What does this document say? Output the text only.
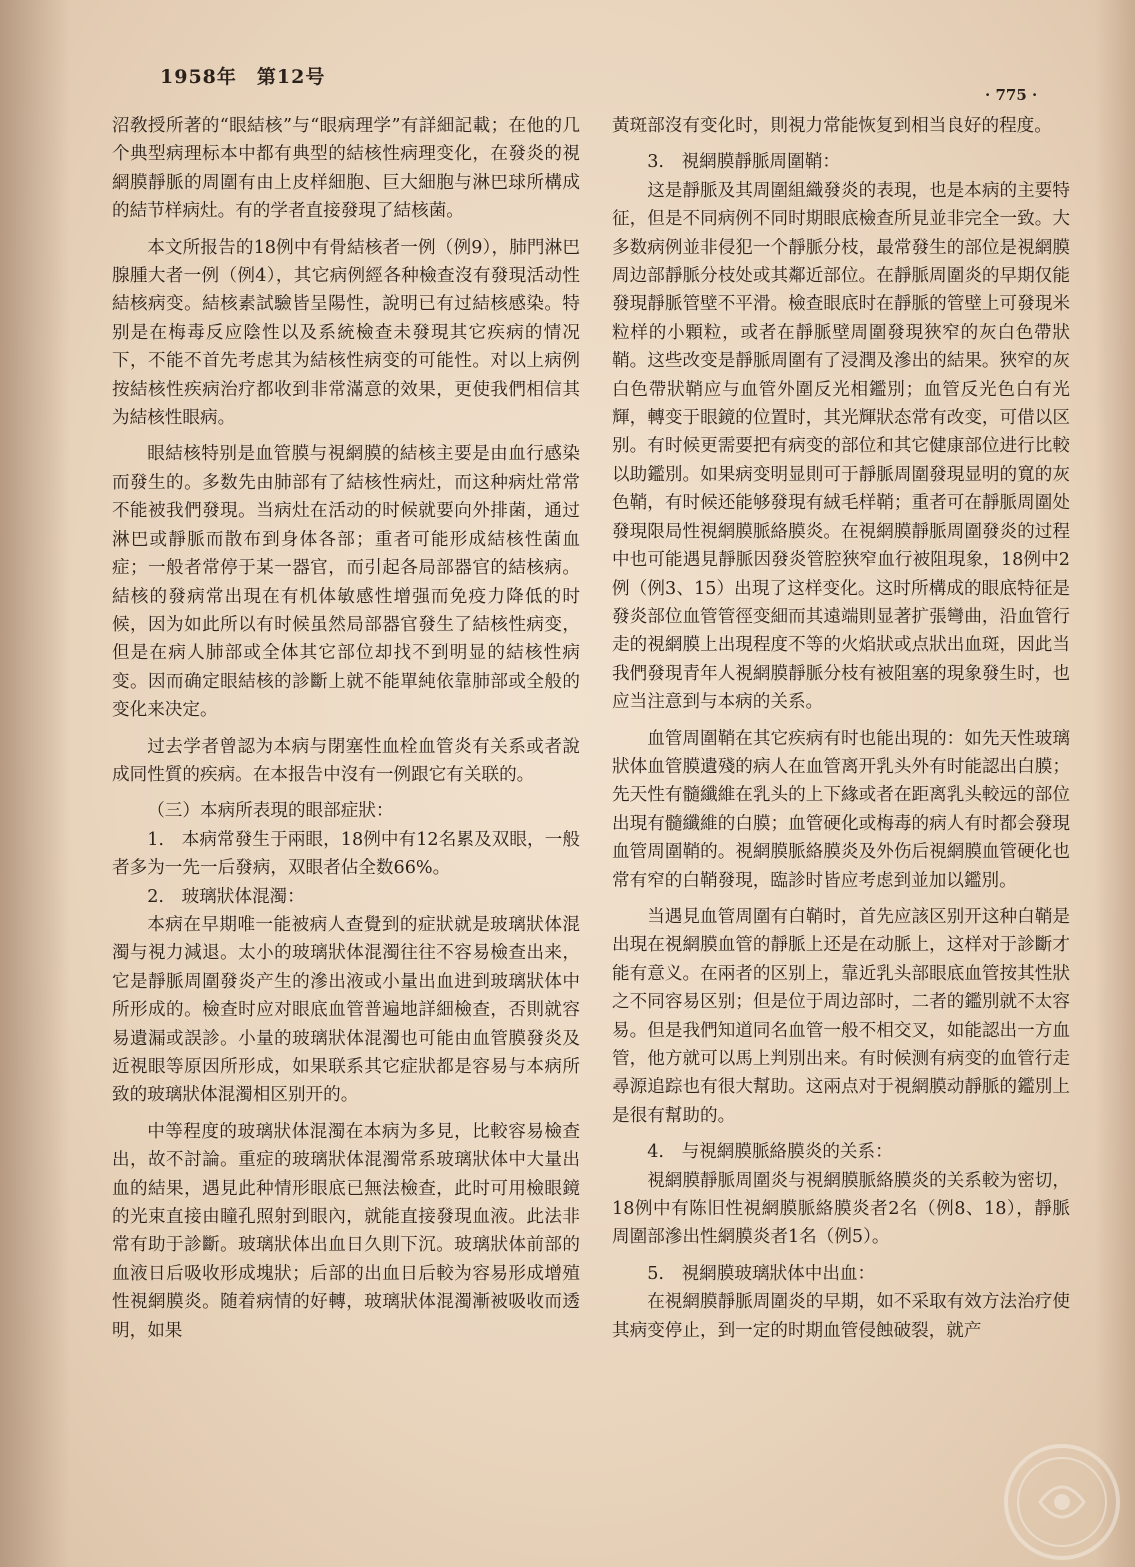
1958年　第12号
· 775 ·

沼敎授所著的“眼結核”与“眼病理学”有詳細記載；在他的几个典型病理标本中都有典型的結核性病理变化，在發炎的視網膜靜脈的周圍有由上皮样細胞、巨大細胞与淋巴球所構成的結节样病灶。有的学者直接發現了結核菌。

本文所报告的18例中有骨結核者一例（例9），肺門淋巴腺腫大者一例（例4），其它病例經各种檢查沒有發現活动性結核病变。結核素試驗皆呈陽性，說明已有过結核感染。特别是在梅毒反应陰性以及系統檢查未發現其它疾病的情况下，不能不首先考虑其为結核性病变的可能性。对以上病例按結核性疾病治疗都收到非常滿意的效果，更使我們相信其为結核性眼病。

眼結核特别是血管膜与視網膜的結核主要是由血行感染而發生的。多数先由肺部有了結核性病灶，而这种病灶常常不能被我們發現。当病灶在活动的时候就要向外排菌，通过淋巴或靜脈而散布到身体各部；重者可能形成結核性菌血症；一般者常停于某一器官，而引起各局部器官的結核病。結核的發病常出現在有机体敏感性增强而免疫力降低的时候，因为如此所以有时候虽然局部器官發生了結核性病变，但是在病人肺部或全体其它部位却找不到明显的結核性病变。因而确定眼結核的診斷上就不能單純依靠肺部或全般的变化来决定。

过去学者曾認为本病与閉塞性血栓血管炎有关系或者說成同性質的疾病。在本报告中沒有一例跟它有关联的。

（三）本病所表現的眼部症狀：

1.　本病常發生于兩眼，18例中有12名累及双眼，一般者多为一先一后發病，双眼者佔全数66%。

2.　玻璃狀体混濁：

本病在早期唯一能被病人查覺到的症狀就是玻璃狀体混濁与視力減退。太小的玻璃狀体混濁往往不容易檢查出来，它是靜脈周圍發炎产生的滲出液或小量出血进到玻璃狀体中所形成的。檢查时应对眼底血管普遍地詳細檢查，否則就容易遺漏或誤診。小量的玻璃狀体混濁也可能由血管膜發炎及近視眼等原因所形成，如果联系其它症狀都是容易与本病所致的玻璃狀体混濁相区别开的。

中等程度的玻璃狀体混濁在本病为多見，比較容易檢查出，故不討論。重症的玻璃狀体混濁常系玻璃狀体中大量出血的結果，遇見此种情形眼底已無法檢查，此时可用檢眼鏡的光束直接由瞳孔照射到眼內，就能直接發現血液。此法非常有助于診斷。玻璃狀体出血日久則下沉。玻璃狀体前部的血液日后吸收形成塊狀；后部的出血日后較为容易形成增殖性視網膜炎。随着病情的好轉，玻璃狀体混濁漸被吸收而透明，如果

黃斑部沒有变化时，則視力常能恢复到相当良好的程度。

3.　視網膜靜脈周圍鞘：

这是靜脈及其周圍組織發炎的表現，也是本病的主要特征，但是不同病例不同时期眼底檢查所見並非完全一致。大多数病例並非侵犯一个靜脈分枝，最常發生的部位是視網膜周边部靜脈分枝处或其鄰近部位。在靜脈周圍炎的早期仅能發現靜脈管壁不平滑。檢查眼底时在靜脈的管壁上可發現米粒样的小顆粒，或者在靜脈壁周圍發現狹窄的灰白色帶狀鞘。这些改变是靜脈周圍有了浸潤及滲出的結果。狹窄的灰白色帶狀鞘应与血管外圍反光相鑑別；血管反光色白有光輝，轉变于眼鏡的位置时，其光輝狀态常有改变，可借以区别。有时候更需要把有病变的部位和其它健康部位进行比較以助鑑別。如果病变明显則可于靜脈周圍發現显明的寬的灰色鞘，有时候还能够發現有絨毛样鞘；重者可在靜脈周圍处發現限局性視網膜脈絡膜炎。在視網膜靜脈周圍發炎的过程中也可能遇見靜脈因發炎管腔狹窄血行被阻現象，18例中2例（例3、15）出現了这样变化。这时所構成的眼底特征是發炎部位血管管徑变細而其遠端則显著扩張彎曲，沿血管行走的視網膜上出現程度不等的火焰狀或点狀出血斑，因此当我們發現青年人視網膜靜脈分枝有被阻塞的現象發生时，也应当注意到与本病的关系。

血管周圍鞘在其它疾病有时也能出現的：如先天性玻璃狀体血管膜遺殘的病人在血管离开乳头外有时能認出白膜；先天性有髓纖維在乳头的上下緣或者在距离乳头較远的部位出現有髓纖維的白膜；血管硬化或梅毒的病人有时都会發現血管周圍鞘的。視網膜脈絡膜炎及外伤后視網膜血管硬化也常有窄的白鞘發現，臨診时皆应考虑到並加以鑑別。

当遇見血管周圍有白鞘时，首先应該区别开这种白鞘是出現在視網膜血管的靜脈上还是在动脈上，这样对于診斷才能有意义。在兩者的区别上，靠近乳头部眼底血管按其性狀之不同容易区别；但是位于周边部时，二者的鑑別就不太容易。但是我們知道同名血管一般不相交叉，如能認出一方血管，他方就可以馬上判別出来。有时候测有病变的血管行走尋源追踪也有很大幫助。这兩点对于視網膜动靜脈的鑑別上是很有幫助的。

4.　与視網膜脈絡膜炎的关系：

視網膜靜脈周圍炎与視網膜脈絡膜炎的关系較为密切，18例中有陈旧性視網膜脈絡膜炎者2名（例8、18），靜脈周圍部滲出性網膜炎者1名（例5）。

5.　視網膜玻璃狀体中出血：

在視網膜靜脈周圍炎的早期，如不采取有效方法治疗使其病变停止，到一定的时期血管侵蝕破裂，就产
